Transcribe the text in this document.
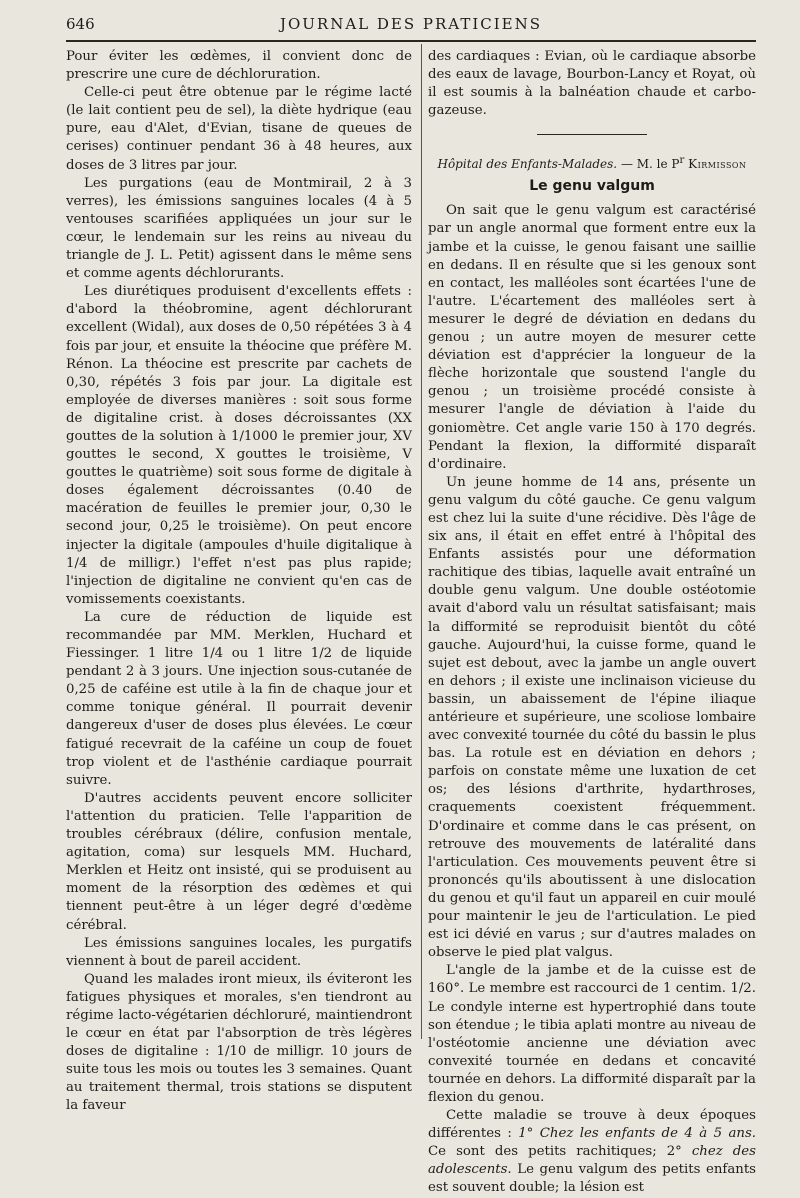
646	JOURNAL DES PRATICIENS

Pour éviter les œdèmes, il convient donc de prescrire une cure de déchloruration.

Celle-ci peut être obtenue par le régime lacté (le lait contient peu de sel), la diète hydrique (eau pure, eau d'Alet, d'Evian, tisane de queues de cerises) continuer pendant 36 à 48 heures, aux doses de 3 litres par jour.

Les purgations (eau de Montmirail, 2 à 3 verres), les émissions sanguines locales (4 à 5 ventouses scarifiées appliquées un jour sur le cœur, le lendemain sur les reins au niveau du triangle de J. L. Petit) agissent dans le même sens et comme agents déchlorurants.

Les diurétiques produisent d'excellents effets : d'abord la théobromine, agent déchlorurant excellent (Widal), aux doses de 0,50 répétées 3 à 4 fois par jour, et ensuite la théocine que préfère M. Rénon. La théocine est prescrite par cachets de 0,30, répétés 3 fois par jour. La digitale est employée de diverses manières : soit sous forme de digitaline crist. à doses décroissantes (XX gouttes de la solution à 1/1000 le premier jour, XV gouttes le second, X gouttes le troisième, V gouttes le quatrième) soit sous forme de digitale à doses également décroissantes (0.40 de macération de feuilles le premier jour, 0,30 le second jour, 0,25 le troisième). On peut encore injecter la digitale (ampoules d'huile digitalique à 1/4 de milligr.) l'effet n'est pas plus rapide; l'injection de digitaline ne convient qu'en cas de vomissements coexistants.

La cure de réduction de liquide est recommandée par MM. Merklen, Huchard et Fiessinger. 1 litre 1/4 ou 1 litre 1/2 de liquide pendant 2 à 3 jours. Une injection sous-cutanée de 0,25 de caféine est utile à la fin de chaque jour et comme tonique général. Il pourrait devenir dangereux d'user de doses plus élevées. Le cœur fatigué recevrait de la caféine un coup de fouet trop violent et de l'asthénie cardiaque pourrait suivre.

D'autres accidents peuvent encore solliciter l'attention du praticien. Telle l'apparition de troubles cérébraux (délire, confusion mentale, agitation, coma) sur lesquels MM. Huchard, Merklen et Heitz ont insisté, qui se produisent au moment de la résorption des œdèmes et qui tiennent peut-être à un léger degré d'œdème cérébral.

Les émissions sanguines locales, les purgatifs viennent à bout de pareil accident.

Quand les malades iront mieux, ils éviteront les fatigues physiques et morales, s'en tiendront au régime lacto-végétarien déchloruré, maintiendront le cœur en état par l'absorption de très légères doses de digitaline : 1/10 de milligr. 10 jours de suite tous les mois ou toutes les 3 semaines. Quant au traitement thermal, trois stations se disputent la faveur

des cardiaques : Evian, où le cardiaque absorbe des eaux de lavage, Bourbon-Lancy et Royat, où il est soumis à la balnéation chaude et carbo-gazeuse.

Hôpital des Enfants-Malades. — M. le $P^r$ Kirmisson
Le genu valgum

On sait que le genu valgum est caractérisé par un angle anormal que forment entre eux la jambe et la cuisse, le genou faisant une saillie en dedans. Il en résulte que si les genoux sont en contact, les malléoles sont écartées l'une de l'autre. L'écartement des malléoles sert à mesurer le degré de déviation en dedans du genou ; un autre moyen de mesurer cette déviation est d'apprécier la longueur de la flèche horizontale que soustend l'angle du genou ; un troisième procédé consiste à mesurer l'angle de déviation à l'aide du goniomètre. Cet angle varie 150 à 170 degrés. Pendant la flexion, la difformité disparaît d'ordinaire.

Un jeune homme de 14 ans, présente un genu valgum du côté gauche. Ce genu valgum est chez lui la suite d'une récidive. Dès l'âge de six ans, il était en effet entré à l'hôpital des Enfants assistés pour une déformation rachitique des tibias, laquelle avait entraîné un double genu valgum. Une double ostéotomie avait d'abord valu un résultat satisfaisant; mais la difformité se reproduisit bientôt du côté gauche. Aujourd'hui, la cuisse forme, quand le sujet est debout, avec la jambe un angle ouvert en dehors ; il existe une inclinaison vicieuse du bassin, un abaissement de l'épine iliaque antérieure et supérieure, une scoliose lombaire avec convexité tournée du côté du bassin le plus bas. La rotule est en déviation en dehors ; parfois on constate même une luxation de cet os; des lésions d'arthrite, hydarthroses, craquements coexistent fréquemment. D'ordinaire et comme dans le cas présent, on retrouve des mouvements de latéralité dans l'articulation. Ces mouvements peuvent être si prononcés qu'ils aboutissent à une dislocation du genou et qu'il faut un appareil en cuir moulé pour maintenir le jeu de l'articulation. Le pied est ici dévié en varus ; sur d'autres malades on observe le pied plat valgus.

L'angle de la jambe et de la cuisse est de 160°. Le membre est raccourci de 1 centim. 1/2. Le condyle interne est hypertrophié dans toute son étendue ; le tibia aplati montre au niveau de l'ostéotomie ancienne une déviation avec convexité tournée en dedans et concavité tournée en dehors. La difformité disparaît par la flexion du genou.

Cette maladie se trouve à deux époques différentes : 1° Chez les enfants de 4 à 5 ans. Ce sont des petits rachitiques; 2° chez des adolescents. Le genu valgum des petits enfants est souvent double; la lésion est
